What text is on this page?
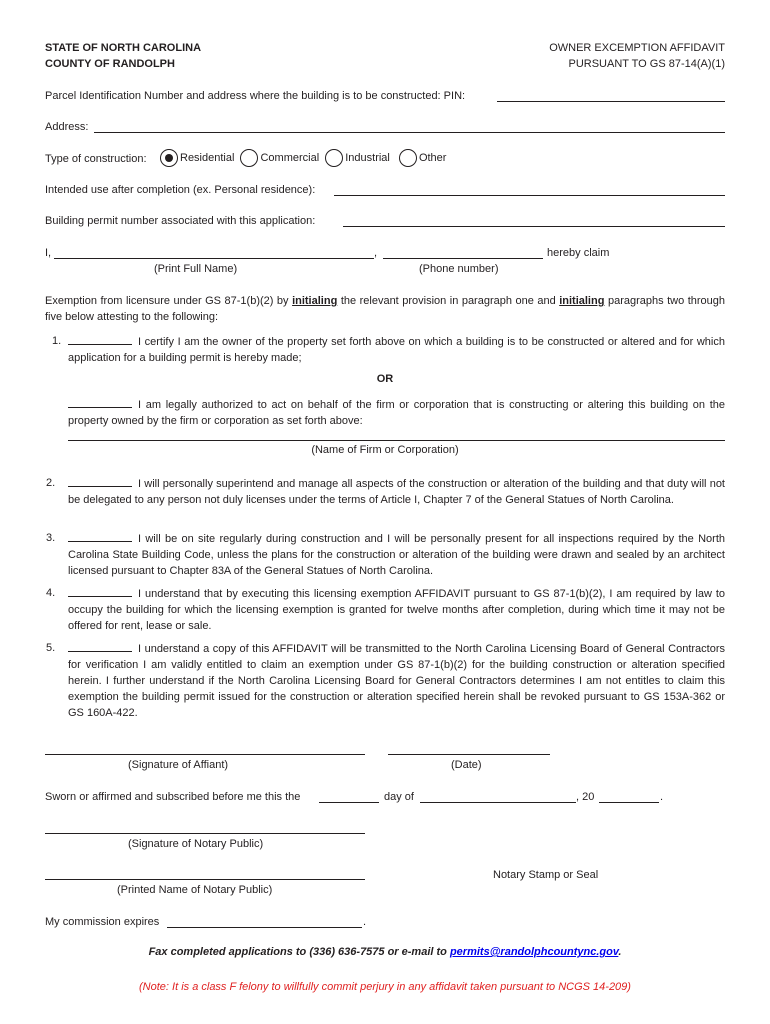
STATE OF NORTH CAROLINA
COUNTY OF RANDOLPH
OWNER EXCEMPTION AFFIDAVIT
PURSUANT TO GS 87-14(A)(1)
Parcel Identification Number and address where the building is to be constructed: PIN:
Address:
Type of construction:	Residential Commercial Industrial	Other
Intended use after completion (ex. Personal residence):
Building permit number associated with this application:
I,	,	hereby claim
(Print Full Name)	(Phone number)
Exemption from licensure under GS 87-1(b)(2) by initialing the relevant provision in paragraph one and initialing paragraphs two through five below attesting to the following:
1.	I certify I am the owner of the property set forth above on which a building is to be constructed or altered and for which application for a building permit is hereby made;
OR
I am legally authorized to act on behalf of the firm or corporation that is constructing or altering this building on the property owned by the firm or corporation as set forth above:
(Name of Firm or Corporation)
2.	I will personally superintend and manage all aspects of the construction or alteration of the building and that duty will not be delegated to any person not duly licenses under the terms of Article I, Chapter 7 of the General Statues of North Carolina.
3.	I will be on site regularly during construction and I will be personally present for all inspections required by the North Carolina State Building Code, unless the plans for the construction or alteration of the building were drawn and sealed by an architect licensed pursuant to Chapter 83A of the General Statues of North Carolina.
4.	I understand that by executing this licensing exemption AFFIDAVIT pursuant to GS 87-1(b)(2), I am required by law to occupy the building for which the licensing exemption is granted for twelve months after completion, during which time it may not be offered for rent, lease or sale.
5.	I understand a copy of this AFFIDAVIT will be transmitted to the North Carolina Licensing Board of General Contractors for verification I am validly entitled to claim an exemption under GS 87-1(b)(2) for the building construction or alteration specified herein. I further understand if the North Carolina Licensing Board for General Contractors determines I am not entitles to claim this exemption the building permit issued for the construction or alteration specified herein shall be revoked pursuant to GS 153A-362 or GS 160A-422.
(Signature of Affiant)	(Date)
Sworn or affirmed and subscribed before me this the	day of	, 20	.
(Signature of Notary Public)
Notary Stamp or Seal
(Printed Name of Notary Public)
My commission expires	.
Fax completed applications to (336) 636-7575 or e-mail to permits@randolphcountync.gov.
(Note: It is a class F felony to willfully commit perjury in any affidavit taken pursuant to NCGS 14-209)
